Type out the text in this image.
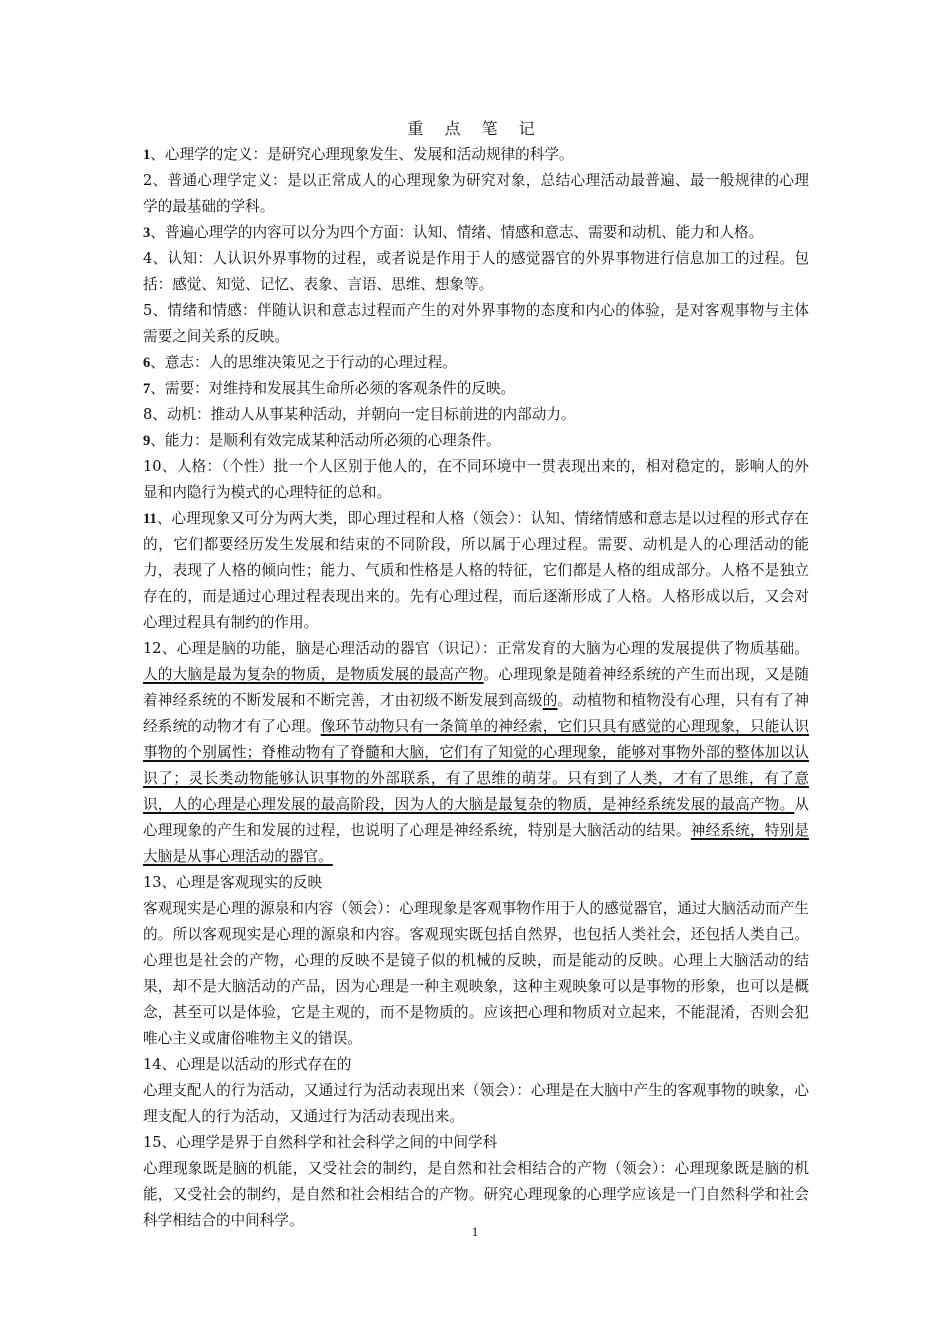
重 点 笔 记

1、心理学的定义：是研究心理现象发生、发展和活动规律的科学。

2、普通心理学定义：是以正常成人的心理现象为研究对象，总结心理活动最普遍、最一般规律的心理学的最基础的学科。

3、普遍心理学的内容可以分为四个方面：认知、情绪、情感和意志、需要和动机、能力和人格。

4、认知：人认识外界事物的过程，或者说是作用于人的感觉器官的外界事物进行信息加工的过程。包括：感觉、知觉、记忆、表象、言语、思维、想象等。

5、情绪和情感：伴随认识和意志过程而产生的对外界事物的态度和内心的体验，是对客观事物与主体需要之间关系的反映。

6、意志：人的思维决策见之于行动的心理过程。

7、需要：对维持和发展其生命所必须的客观条件的反映。

8、动机：推动人从事某种活动，并朝向一定目标前进的内部动力。

9、能力：是顺利有效完成某种活动所必须的心理条件。

10、人格：（个性）批一个人区别于他人的，在不同环境中一贯表现出来的，相对稳定的，影响人的外显和内隐行为模式的心理特征的总和。

11、心理现象又可分为两大类，即心理过程和人格（领会）：认知、情绪情感和意志是以过程的形式存在的，它们都要经历发生发展和结束的不同阶段，所以属于心理过程。需要、动机是人的心理活动的能力，表现了人格的倾向性；能力、气质和性格是人格的特征，它们都是人格的组成部分。人格不是独立存在的，而是通过心理过程表现出来的。先有心理过程，而后逐渐形成了人格。人格形成以后，又会对心理过程具有制约的作用。

12、心理是脑的功能，脑是心理活动的器官（识记）：正常发育的大脑为心理的发展提供了物质基础。人的大脑是最为复杂的物质，是物质发展的最高产物。心理现象是随着神经系统的产生而出现，又是随着神经系统的不断发展和不断完善，才由初级不断发展到高级的。动植物和植物没有心理，只有有了神经系统的动物才有了心理。像环节动物只有一条简单的神经索，它们只具有感觉的心理现象，只能认识事物的个别属性；脊椎动物有了脊髓和大脑，它们有了知觉的心理现象，能够对事物外部的整体加以认识了；灵长类动物能够认识事物的外部联系，有了思维的萌芽。只有到了人类，才有了思维，有了意识，人的心理是心理发展的最高阶段，因为人的大脑是最复杂的物质，是神经系统发展的最高产物。从心理现象的产生和发展的过程，也说明了心理是神经系统，特别是大脑活动的结果。神经系统，特别是大脑是从事心理活动的器官。

13、心理是客观现实的反映

客观现实是心理的源泉和内容（领会）：心理现象是客观事物作用于人的感觉器官，通过大脑活动而产生的。所以客观现实是心理的源泉和内容。客观现实既包括自然界，也包括人类社会，还包括人类自己。心理也是社会的产物，心理的反映不是镜子似的机械的反映，而是能动的反映。心理上大脑活动的结果，却不是大脑活动的产品，因为心理是一种主观映象，这种主观映象可以是事物的形象，也可以是概念，甚至可以是体验，它是主观的，而不是物质的。应该把心理和物质对立起来，不能混淆，否则会犯唯心主义或庸俗唯物主义的错误。

14、心理是以活动的形式存在的

心理支配人的行为活动，又通过行为活动表现出来（领会）：心理是在大脑中产生的客观事物的映象，心理支配人的行为活动，又通过行为活动表现出来。

15、心理学是界于自然科学和社会科学之间的中间学科

心理现象既是脑的机能，又受社会的制约，是自然和社会相结合的产物（领会）：心理现象既是脑的机能，又受社会的制约，是自然和社会相结合的产物。研究心理现象的心理学应该是一门自然科学和社会科学相结合的中间科学。

1
